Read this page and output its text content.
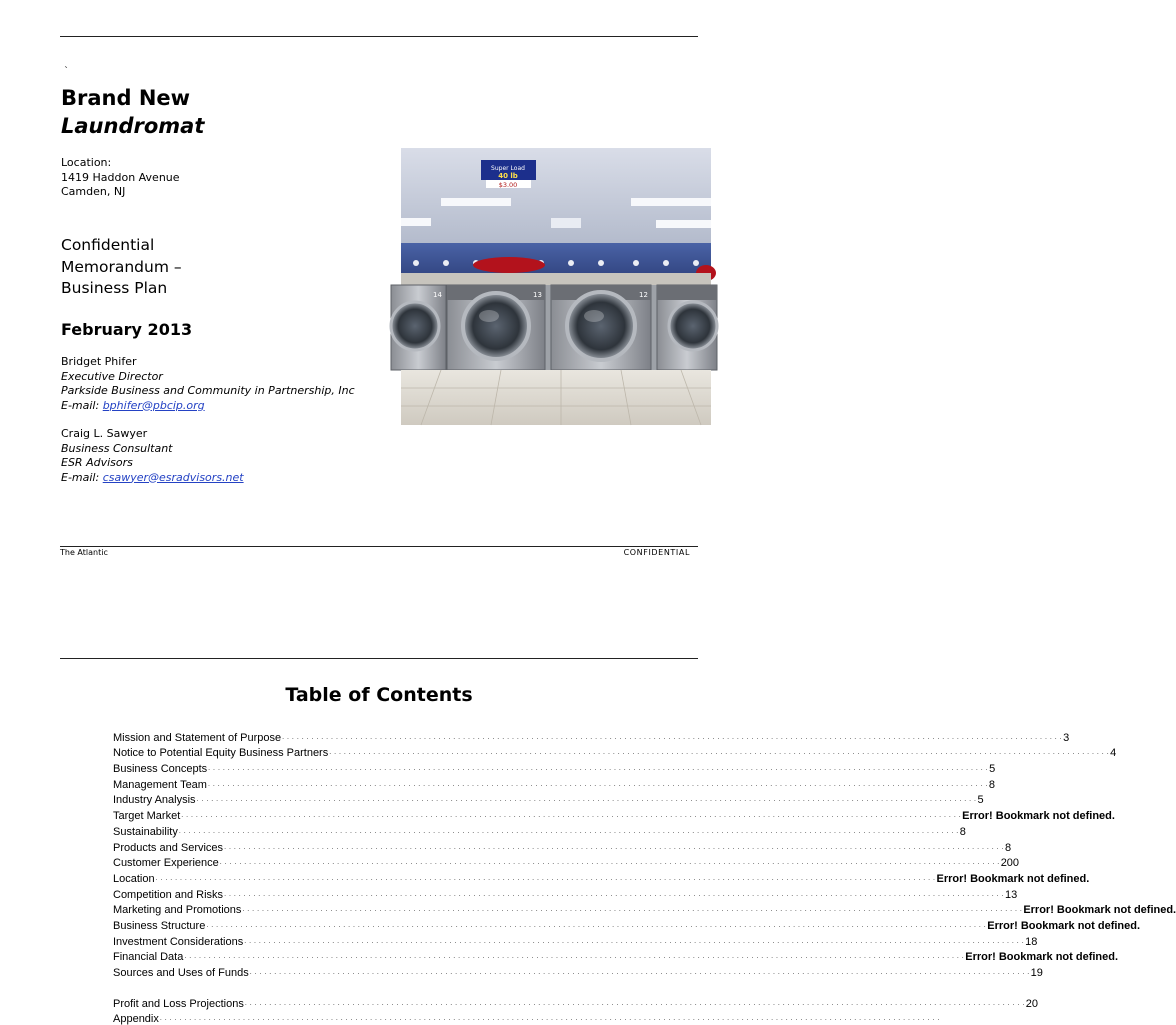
`
Brand New
Laundromat
Location:
1419 Haddon Avenue
Camden, NJ
Confidential
Memorandum –
Business Plan
February 2013
Bridget Phifer
Executive Director
Parkside Business and Community in Partnership, Inc
E-mail: bphifer@pbcip.org
Craig L. Sawyer
Business Consultant
ESR Advisors
E-mail: csawyer@esradvisors.net
Super Load
40 lb
$3.00
14	13	12
The Atlantic	CONFIDENTIAL
Table of Contents
Mission and Statement of Purpose . . . . . . . . . . . . . . . . . . . . . . . . . . . . . . . . . . . . . . . . . . . . . . . . . . . . . . . . . . . . . . . . . . . . . . . . . . . . . . . . . . . . . . . . . . . . . . . . . . . . . . . . . . . . . . . . . . . . . . . . . . . . . . . . . . . . . . . . . . . . . . . . . . . . . . . . . . . . . . . . 3
Notice to Potential Equity Business Partners . . . . . . . . . . . . . . . . . . . . . . . . . . . . . . . . . . . . . . . . . . . . . . . . . . . . . . . . . . . . . . . . . . . . . . . . . . . . . . . . . . . . . . . . . . . . . . . . . . . . . . . . . . . . . . . . . . . . . . . . . . . . . . . . . . . . . . . . . . . . . . . . . . . . . . . . . . . . . . . . 4
Business Concepts . . . . . . . . . . . . . . . . . . . . . . . . . . . . . . . . . . . . . . . . . . . . . . . . . . . . . . . . . . . . . . . . . . . . . . . . . . . . . . . . . . . . . . . . . . . . . . . . . . . . . . . . . . . . . . . . . . . . . . . . . . . . . . . . . . . . . . . . . . . . . . . . . . . . . . . . . . . . . . . . 5
Management Team . . . . . . . . . . . . . . . . . . . . . . . . . . . . . . . . . . . . . . . . . . . . . . . . . . . . . . . . . . . . . . . . . . . . . . . . . . . . . . . . . . . . . . . . . . . . . . . . . . . . . . . . . . . . . . . . . . . . . . . . . . . . . . . . . . . . . . . . . . . . . . . . . . . . . . . . . . . . . . . . 8
Industry Analysis . . . . . . . . . . . . . . . . . . . . . . . . . . . . . . . . . . . . . . . . . . . . . . . . . . . . . . . . . . . . . . . . . . . . . . . . . . . . . . . . . . . . . . . . . . . . . . . . . . . . . . . . . . . . . . . . . . . . . . . . . . . . . . . . . . . . . . . . . . . . . . . . . . . . . . . . . . . . . . . . 5
Target Market . . . . . . . . . . . . . . . . . . . . . . . . . . . . . . . . . . . . . . . . . . . . . . . . . . . . . . . . . . . . . . . . . . . . . . . . . . . . . . . . . . . . . . . . . . . . . . . . . . . . . . . . . . . . . . . . . . . . . . . . . . . . . . . . . . . . . . . . . . . . . . . . . . . . . . . . . . . . . . . . Error! Bookmark not defined.
Sustainability . . . . . . . . . . . . . . . . . . . . . . . . . . . . . . . . . . . . . . . . . . . . . . . . . . . . . . . . . . . . . . . . . . . . . . . . . . . . . . . . . . . . . . . . . . . . . . . . . . . . . . . . . . . . . . . . . . . . . . . . . . . . . . . . . . . . . . . . . . . . . . . . . . . . . . . . . . . . . . . . 8
Products and Services . . . . . . . . . . . . . . . . . . . . . . . . . . . . . . . . . . . . . . . . . . . . . . . . . . . . . . . . . . . . . . . . . . . . . . . . . . . . . . . . . . . . . . . . . . . . . . . . . . . . . . . . . . . . . . . . . . . . . . . . . . . . . . . . . . . . . . . . . . . . . . . . . . . . . . . . . . . . . . . . 8
Customer Experience . . . . . . . . . . . . . . . . . . . . . . . . . . . . . . . . . . . . . . . . . . . . . . . . . . . . . . . . . . . . . . . . . . . . . . . . . . . . . . . . . . . . . . . . . . . . . . . . . . . . . . . . . . . . . . . . . . . . . . . . . . . . . . . . . . . . . . . . . . . . . . . . . . . . . . . . . . . . . . . . 200
Location . . . . . . . . . . . . . . . . . . . . . . . . . . . . . . . . . . . . . . . . . . . . . . . . . . . . . . . . . . . . . . . . . . . . . . . . . . . . . . . . . . . . . . . . . . . . . . . . . . . . . . . . . . . . . . . . . . . . . . . . . . . . . . . . . . . . . . . . . . . . . . . . . . . . . . . . . . . . . . . . Error! Bookmark not defined.
Competition and Risks . . . . . . . . . . . . . . . . . . . . . . . . . . . . . . . . . . . . . . . . . . . . . . . . . . . . . . . . . . . . . . . . . . . . . . . . . . . . . . . . . . . . . . . . . . . . . . . . . . . . . . . . . . . . . . . . . . . . . . . . . . . . . . . . . . . . . . . . . . . . . . . . . . . . . . . . . . . . . . . . 13
Marketing and Promotions . . . . . . . . . . . . . . . . . . . . . . . . . . . . . . . . . . . . . . . . . . . . . . . . . . . . . . . . . . . . . . . . . . . . . . . . . . . . . . . . . . . . . . . . . . . . . . . . . . . . . . . . . . . . . . . . . . . . . . . . . . . . . . . . . . . . . . . . . . . . . . . . . . . . . . . . . . . . . . . . Error! Bookmark not defined.
Business Structure . . . . . . . . . . . . . . . . . . . . . . . . . . . . . . . . . . . . . . . . . . . . . . . . . . . . . . . . . . . . . . . . . . . . . . . . . . . . . . . . . . . . . . . . . . . . . . . . . . . . . . . . . . . . . . . . . . . . . . . . . . . . . . . . . . . . . . . . . . . . . . . . . . . . . . . . . . . . . . . . Error! Bookmark not defined.
Investment Considerations . . . . . . . . . . . . . . . . . . . . . . . . . . . . . . . . . . . . . . . . . . . . . . . . . . . . . . . . . . . . . . . . . . . . . . . . . . . . . . . . . . . . . . . . . . . . . . . . . . . . . . . . . . . . . . . . . . . . . . . . . . . . . . . . . . . . . . . . . . . . . . . . . . . . . . . . . . . . . . . . 18
Financial Data . . . . . . . . . . . . . . . . . . . . . . . . . . . . . . . . . . . . . . . . . . . . . . . . . . . . . . . . . . . . . . . . . . . . . . . . . . . . . . . . . . . . . . . . . . . . . . . . . . . . . . . . . . . . . . . . . . . . . . . . . . . . . . . . . . . . . . . . . . . . . . . . . . . . . . . . . . . . . . . . Error! Bookmark not defined.
Sources and Uses of Funds . . . . . . . . . . . . . . . . . . . . . . . . . . . . . . . . . . . . . . . . . . . . . . . . . . . . . . . . . . . . . . . . . . . . . . . . . . . . . . . . . . . . . . . . . . . . . . . . . . . . . . . . . . . . . . . . . . . . . . . . . . . . . . . . . . . . . . . . . . . . . . . . . . . . . . . . . . . . . . . . 19
Profit and Loss Projections . . . . . . . . . . . . . . . . . . . . . . . . . . . . . . . . . . . . . . . . . . . . . . . . . . . . . . . . . . . . . . . . . . . . . . . . . . . . . . . . . . . . . . . . . . . . . . . . . . . . . . . . . . . . . . . . . . . . . . . . . . . . . . . . . . . . . . . . . . . . . . . . . . . . . . . . . . . . . . . . 20
Appendix . . . . . . . . . . . . . . . . . . . . . . . . . . . . . . . . . . . . . . . . . . . . . . . . . . . . . . . . . . . . . . . . . . . . . . . . . . . . . . . . . . . . . . . . . . . . . . . . . . . . . . . . . . . . . . . . . . . . . . . . . . . . . . . . . . . . . . . . . . . . . . . . . . . . . . . . . . . . . . . .
